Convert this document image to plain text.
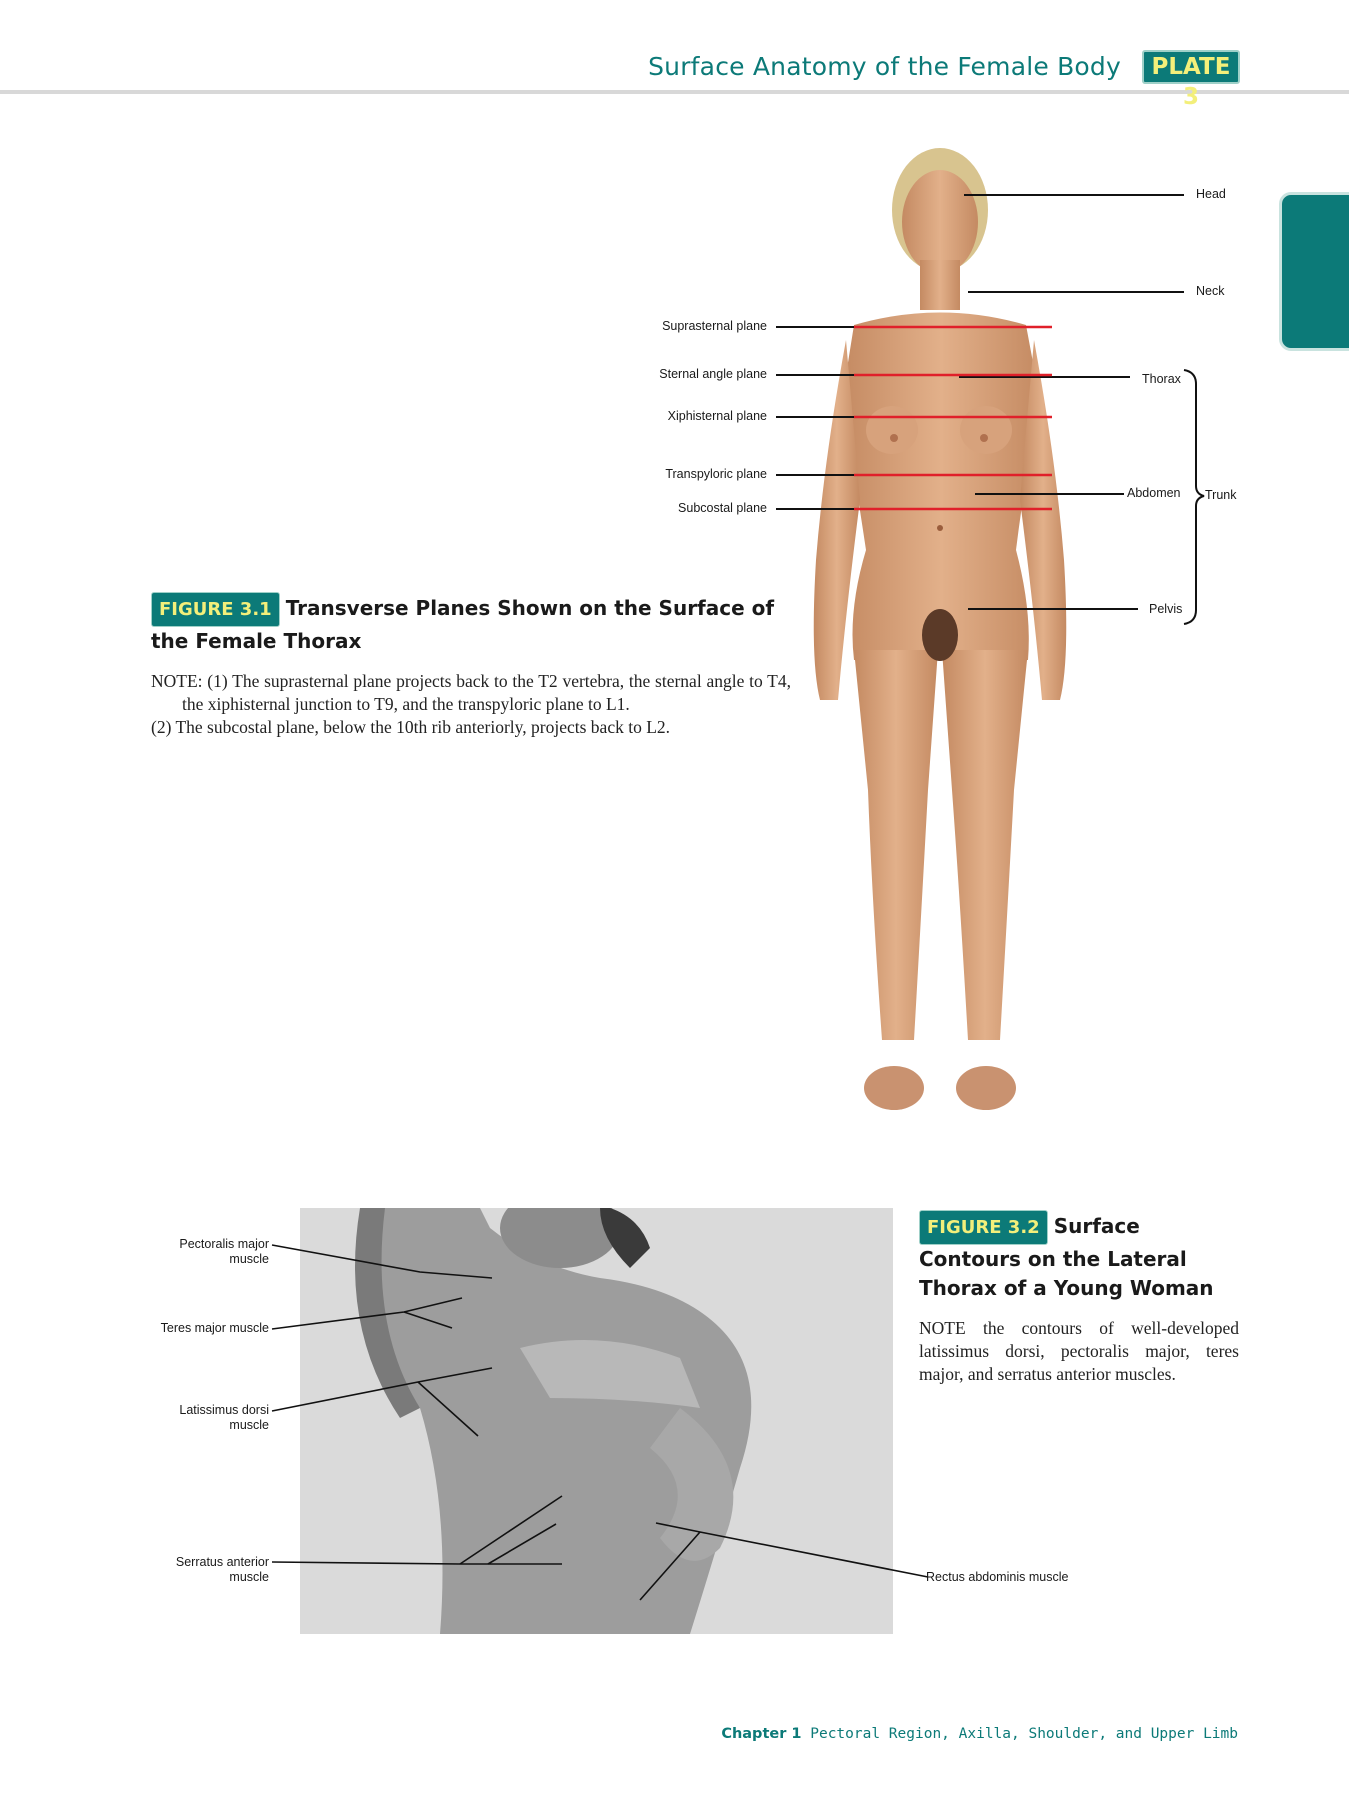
Surface Anatomy of the Female Body	PLATE 3
FIGURE 3.1 Transverse Planes Shown on the Surface of the Female Thorax
NOTE: (1) The suprasternal plane projects back to the T2 vertebra, the sternal angle to T4, the xiphisternal junction to T9, and the transpyloric plane to L1.
(2) The subcostal plane, below the 10th rib anteriorly, projects back to L2.
Head
Neck
Suprasternal plane
Sternal angle plane
Xiphisternal plane
Transpyloric plane
Subcostal plane
Thorax
Abdomen
Pelvis
Trunk
FIGURE 3.2 Surface Contours on the Lateral Thorax of a Young Woman
NOTE the contours of well-developed latissimus dorsi, pectoralis major, teres major, and serratus anterior muscles.
Pectoralis major
muscle
Teres major muscle
Latissimus dorsi
muscle
Serratus anterior
muscle	Rectus abdominis muscle
Chapter 1 Pectoral Region, Axilla, Shoulder, and Upper Limb
